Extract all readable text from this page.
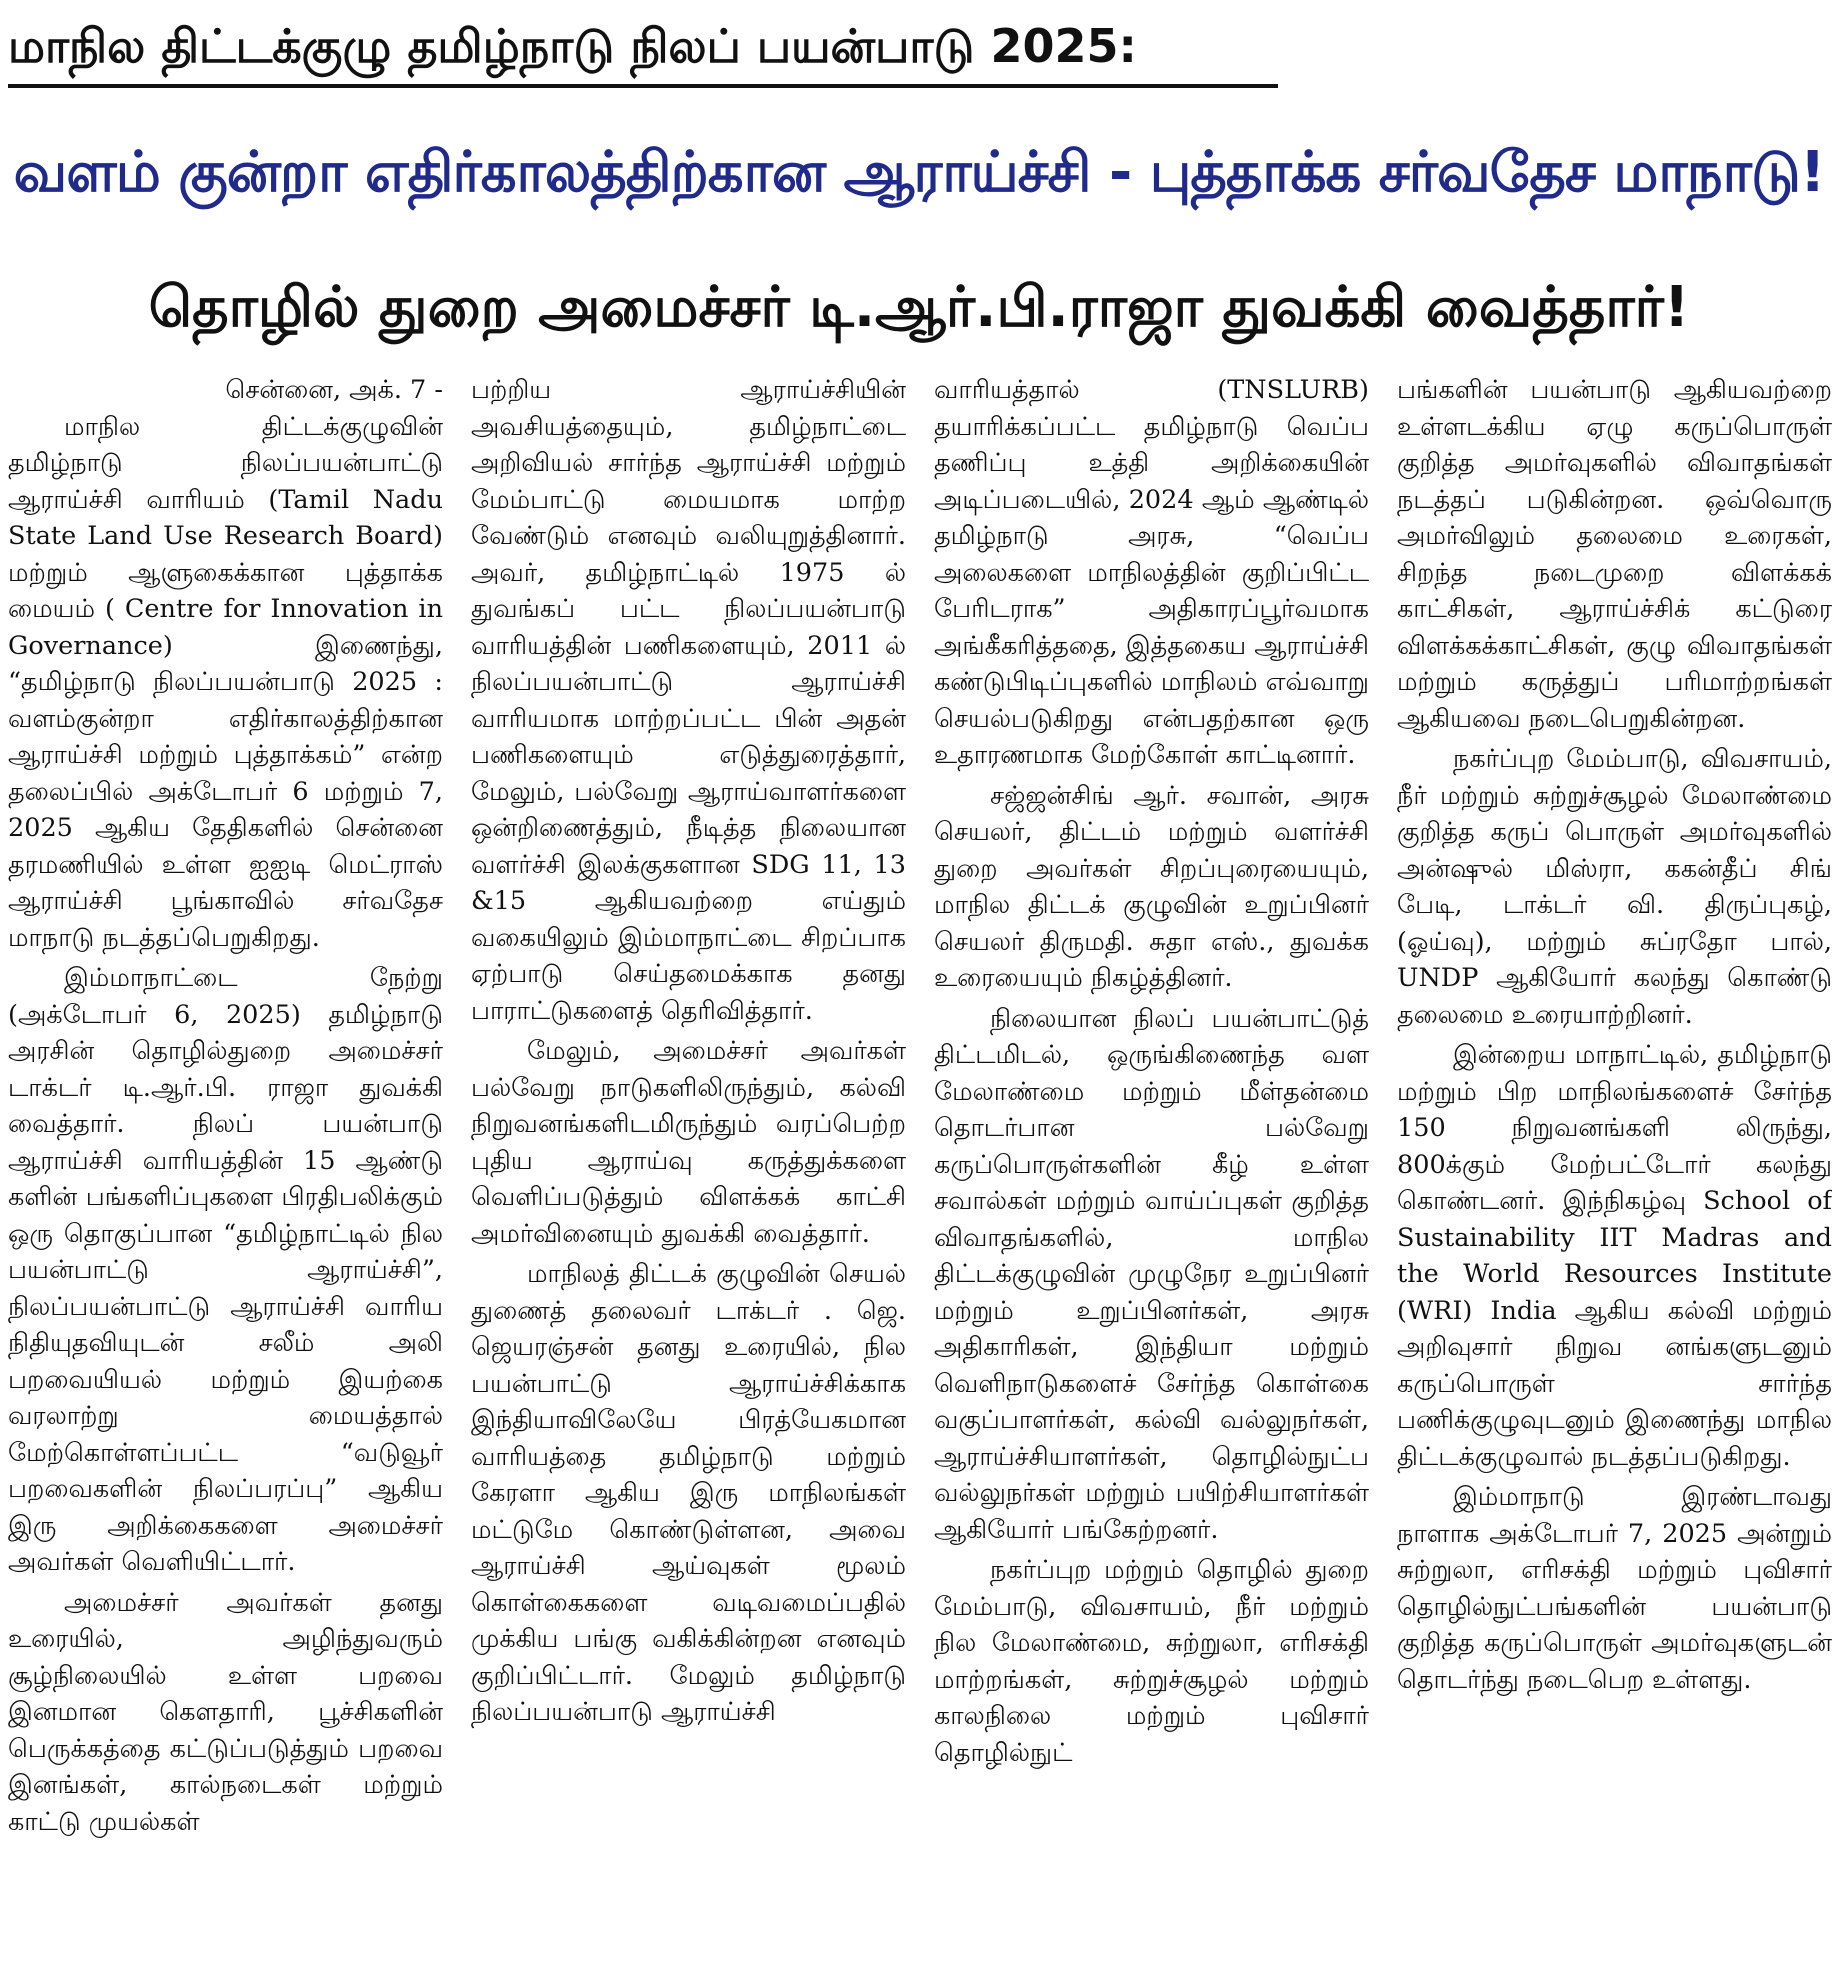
மாநில திட்டக்குழு தமிழ்நாடு நிலப் பயன்பாடு 2025:
வளம் குன்றா எதிர்காலத்திற்கான ஆராய்ச்சி - புத்தாக்க சர்வதேச மாநாடு!
தொழில் துறை அமைச்சர் டி.ஆர்.பி.ராஜா துவக்கி வைத்தார்!

சென்னை, அக். 7 -

மாநில திட்டக்குழுவின் தமிழ்நாடு நிலப்பயன்பாட்டு ஆராய்ச்சி வாரியம் (Tamil Nadu State Land Use Research Board) மற்றும் ஆளுகைக்கான புத்தாக்க மையம் ( Centre for Innovation in Governance) இணைந்து, “தமிழ்நாடு நிலப்பயன்பாடு 2025 : வளம்குன்றா எதிர்காலத்திற்கான ஆராய்ச்சி மற்றும் புத்தாக்கம்” என்ற தலைப்பில் அக்டோபர் 6 மற்றும் 7, 2025 ஆகிய தேதிகளில் சென்னை தரமணியில் உள்ள ஐஐடி மெட்ராஸ் ஆராய்ச்சி பூங்காவில் சர்வதேச மாநாடு நடத்தப்பெறுகிறது.

இம்மாநாட்டை நேற்று (அக்டோபர் 6, 2025) தமிழ்நாடு அரசின் தொழில்துறை அமைச்சர் டாக்டர் டி.ஆர்.பி. ராஜா துவக்கி வைத்தார். நிலப் பயன்பாடு ஆராய்ச்சி வாரியத்தின் 15 ஆண்டு களின் பங்களிப்புகளை பிரதிபலிக்கும் ஒரு தொகுப்பான “தமிழ்நாட்டில் நில பயன்பாட்டு ஆராய்ச்சி”, நிலப்பயன்பாட்டு ஆராய்ச்சி வாரிய நிதியுதவியுடன் சலீம் அலி பறவையியல் மற்றும் இயற்கை வரலாற்று மையத்தால் மேற்கொள்ளப்பட்ட “வடுவூர் பறவைகளின் நிலப்பரப்பு” ஆகிய இரு அறிக்கைகளை அமைச்சர் அவர்கள் வெளியிட்டார்.

அமைச்சர் அவர்கள் தனது உரையில், அழிந்துவரும் சூழ்நிலையில் உள்ள பறவை இனமான கௌதாரி, பூச்சிகளின் பெருக்கத்தை கட்டுப்படுத்தும் பறவை இனங்கள், கால்நடைகள் மற்றும் காட்டு முயல்கள்

பற்றிய ஆராய்ச்சியின் அவசியத்தையும், தமிழ்நாட்டை அறிவியல் சார்ந்த ஆராய்ச்சி மற்றும் மேம்பாட்டு மையமாக மாற்ற வேண்டும் எனவும் வலியுறுத்தினார். அவர், தமிழ்நாட்டில் 1975 ல் துவங்கப் பட்ட நிலப்பயன்பாடு வாரியத்தின் பணிகளையும், 2011 ல் நிலப்பயன்பாட்டு ஆராய்ச்சி வாரியமாக மாற்றப்பட்ட பின் அதன் பணிகளையும் எடுத்துரைத்தார், மேலும், பல்வேறு ஆராய்வாளர்களை ஒன்றிணைத்தும், நீடித்த நிலையான வளர்ச்சி இலக்குகளான SDG 11, 13 &15 ஆகியவற்றை எய்தும் வகையிலும் இம்மாநாட்டை சிறப்பாக ஏற்பாடு செய்தமைக்காக தனது பாராட்டுகளைத் தெரிவித்தார்.

மேலும், அமைச்சர் அவர்கள் பல்வேறு நாடுகளிலிருந்தும், கல்வி நிறுவனங்களிடமிருந்தும் வரப்பெற்ற புதிய ஆராய்வு கருத்துக்களை வெளிப்படுத்தும் விளக்கக் காட்சி அமர்வினையும் துவக்கி வைத்தார்.

மாநிலத் திட்டக் குழுவின் செயல் துணைத் தலைவர் டாக்டர் . ஜெ. ஜெயரஞ்சன் தனது உரையில், நில பயன்பாட்டு ஆராய்ச்சிக்காக இந்தியாவிலேயே பிரத்யேகமான வாரியத்தை தமிழ்நாடு மற்றும் கேரளா ஆகிய இரு மாநிலங்கள் மட்டுமே கொண்டுள்ளன, அவை ஆராய்ச்சி ஆய்வுகள் மூலம் கொள்கைகளை வடிவமைப்பதில் முக்கிய பங்கு வகிக்கின்றன எனவும் குறிப்பிட்டார். மேலும் தமிழ்நாடு நிலப்பயன்பாடு ஆராய்ச்சி

வாரியத்தால் (TNSLURB) தயாரிக்கப்பட்ட தமிழ்நாடு வெப்ப தணிப்பு உத்தி அறிக்கையின் அடிப்படையில், 2024 ஆம் ஆண்டில் தமிழ்நாடு அரசு, “வெப்ப அலைகளை மாநிலத்தின் குறிப்பிட்ட பேரிடராக” அதிகாரப்பூர்வமாக அங்கீகரித்ததை, இத்தகைய ஆராய்ச்சி கண்டுபிடிப்புகளில் மாநிலம் எவ்வாறு செயல்படுகிறது என்பதற்கான ஒரு உதாரணமாக மேற்கோள் காட்டினார்.

சஜ்ஜன்சிங் ஆர். சவான், அரசு செயலர், திட்டம் மற்றும் வளர்ச்சி துறை அவர்கள் சிறப்புரையையும், மாநில திட்டக் குழுவின் உறுப்பினர் செயலர் திருமதி. சுதா எஸ்., துவக்க உரையையும் நிகழ்த்தினர்.

நிலையான நிலப் பயன்பாட்டுத் திட்டமிடல், ஒருங்கிணைந்த வள மேலாண்மை மற்றும் மீள்தன்மை தொடர்பான பல்வேறு கருப்பொருள்களின் கீழ் உள்ள சவால்கள் மற்றும் வாய்ப்புகள் குறித்த விவாதங்களில், மாநில திட்டக்குழுவின் முழுநேர உறுப்பினர் மற்றும் உறுப்பினர்கள், அரசு அதிகாரிகள், இந்தியா மற்றும் வெளிநாடுகளைச் சேர்ந்த கொள்கை வகுப்பாளர்கள், கல்வி வல்லுநர்கள், ஆராய்ச்சியாளர்கள், தொழில்நுட்ப வல்லுநர்கள் மற்றும் பயிற்சியாளர்கள் ஆகியோர் பங்கேற்றனர்.

நகர்ப்புற மற்றும் தொழில் துறை மேம்பாடு, விவசாயம், நீர் மற்றும் நில மேலாண்மை, சுற்றுலா, எரிசக்தி மாற்றங்கள், சுற்றுச்சூழல் மற்றும் காலநிலை மற்றும் புவிசார் தொழில்நுட்

பங்களின் பயன்பாடு ஆகியவற்றை உள்ளடக்கிய ஏழு கருப்பொருள் குறித்த அமர்வுகளில் விவாதங்கள் நடத்தப் படுகின்றன. ஒவ்வொரு அமர்விலும் தலைமை உரைகள், சிறந்த நடைமுறை விளக்கக் காட்சிகள், ஆராய்ச்சிக் கட்டுரை விளக்கக்காட்சிகள், குழு விவாதங்கள் மற்றும் கருத்துப் பரிமாற்றங்கள் ஆகியவை நடைபெறுகின்றன.

நகர்ப்புற மேம்பாடு, விவசாயம், நீர் மற்றும் சுற்றுச்சூழல் மேலாண்மை குறித்த கருப் பொருள் அமர்வுகளில் அன்ஷுல் மிஸ்ரா, ககன்தீப் சிங் பேடி, டாக்டர் வி. திருப்புகழ், (ஓய்வு), மற்றும் சுப்ரதோ பால், UNDP ஆகியோர் கலந்து கொண்டு தலைமை உரையாற்றினர்.

இன்றைய மாநாட்டில், தமிழ்நாடு மற்றும் பிற மாநிலங்களைச் சேர்ந்த 150 நிறுவனங்களி லிருந்து, 800க்கும் மேற்பட்டோர் கலந்து கொண்டனர். இந்நிகழ்வு School of Sustainability IIT Madras and the World Resources Institute (WRI) India ஆகிய கல்வி மற்றும் அறிவுசார் நிறுவ னங்களுடனும் கருப்பொருள் சார்ந்த பணிக்குழுவுடனும் இணைந்து மாநில திட்டக்குழுவால் நடத்தப்படுகிறது.

இம்மாநாடு இரண்டாவது நாளாக அக்டோபர் 7, 2025 அன்றும் சுற்றுலா, எரிசக்தி மற்றும் புவிசார் தொழில்நுட்பங்களின் பயன்பாடு குறித்த கருப்பொருள் அமர்வுகளுடன் தொடர்ந்து நடைபெற உள்ளது.
